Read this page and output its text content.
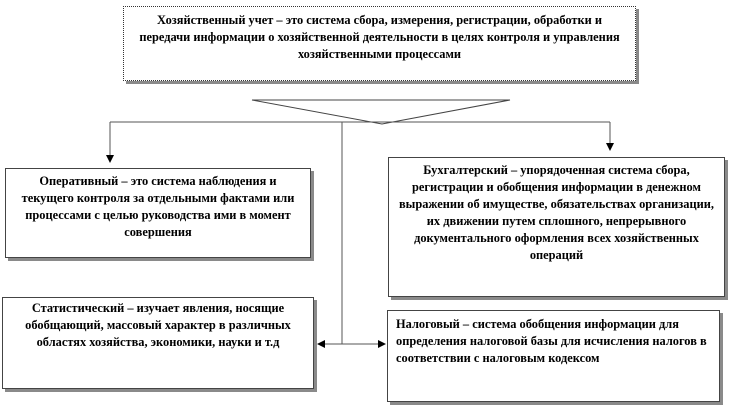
Хозяйственный учет – это система сбора, измерения, регистрации, обработки и передачи информации о хозяйственной деятельности в целях контроля и управления хозяйственными процессами
Оперативный – это система наблюдения и текущего контроля за отдельными фактами или процессами с целью руководства ими в момент совершения
Бухгалтерский – упорядоченная система сбора, регистрации и обобщения информации в денежном выражении об имуществе, обязательствах организации, их движении путем сплошного, непрерывного документального оформления всех хозяйственных операций
Статистический – изучает явления, носящие обобщающий, массовый характер в различных областях хозяйства, экономики, науки и т.д
Налоговый – система обобщения информации для определения налоговой базы для исчисления налогов в соответствии с налоговым кодексом
